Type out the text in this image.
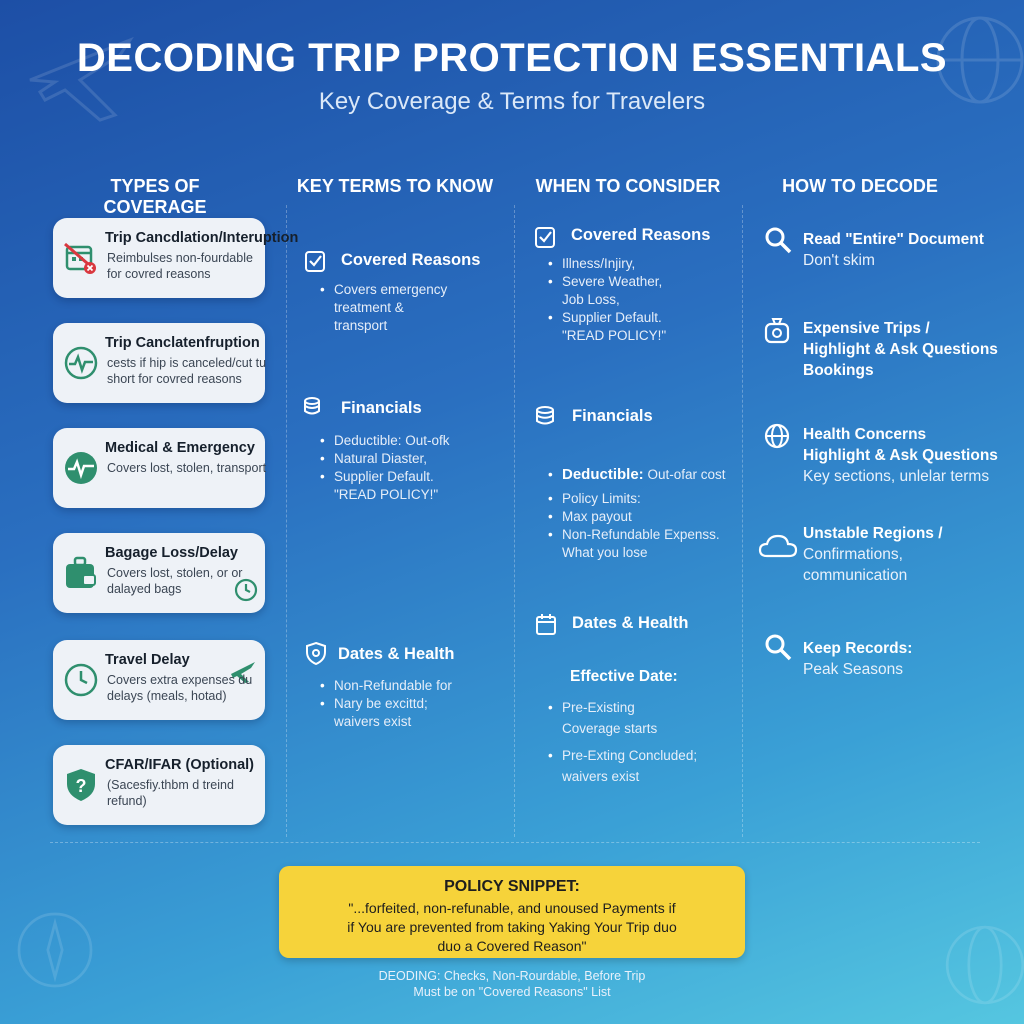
DECODING TRIP PROTECTION ESSENTIALS
Key Coverage & Terms for Travelers
TYPES OF COVERAGE
KEY TERMS TO KNOW	WHEN TO CONSIDER	HOW TO DECODE
Trip Cancdlation/Interuption
Reimbulses non-fourdable for covred reasons
Trip Canclatenfruption
cests if hip is canceled/cut tu short for covred reasons
Medical & Emergency
Covers lost, stolen, transport
Bagage Loss/Delay
Covers lost, stolen, or or dalayed bags
Travel Delay
Covers extra expenses du delays (meals, hotad)
?
CFAR/IFAR (Optional)
(Sacesfiy.thbm d treind refund)
Covered Reasons
• Covers emergency
treatment &
transport
Financials
• Deductible: Out-ofk
• Natural Diaster,
• Supplier Default.
"READ POLICY!"
Dates & Health
• Non-Refundable for
• Nary be excittd;
waivers exist
Covered Reasons
• Illness/Injiry,
• Severe Weather,
Job Loss,
• Supplier Default.
"READ POLICY!"
Financials
• Deductible: Out-ofar cost
• Policy Limits:
• Max payout
• Non-Refundable Expenss.
What you lose
Dates & Health
Effective Date:
• Pre-Existing
Coverage starts
• Pre-Exting Concluded;
waivers exist
Read "Entire" Document
Don't skim
Expensive Trips /
Highlight & Ask Questions
Bookings
Health Concerns
Highlight & Ask Questions
Key sections, unlelar terms
Unstable Regions /
Confirmations,
communication
Keep Records:
Peak Seasons
POLICY SNIPPET:
"...forfeited, non-refunable, and unoused Payments if
if You are prevented from taking Yaking Your Trip duo
duo a Covered Reason"
DEODING: Checks, Non-Rourdable, Before Trip
Must be on "Covered Reasons" List
